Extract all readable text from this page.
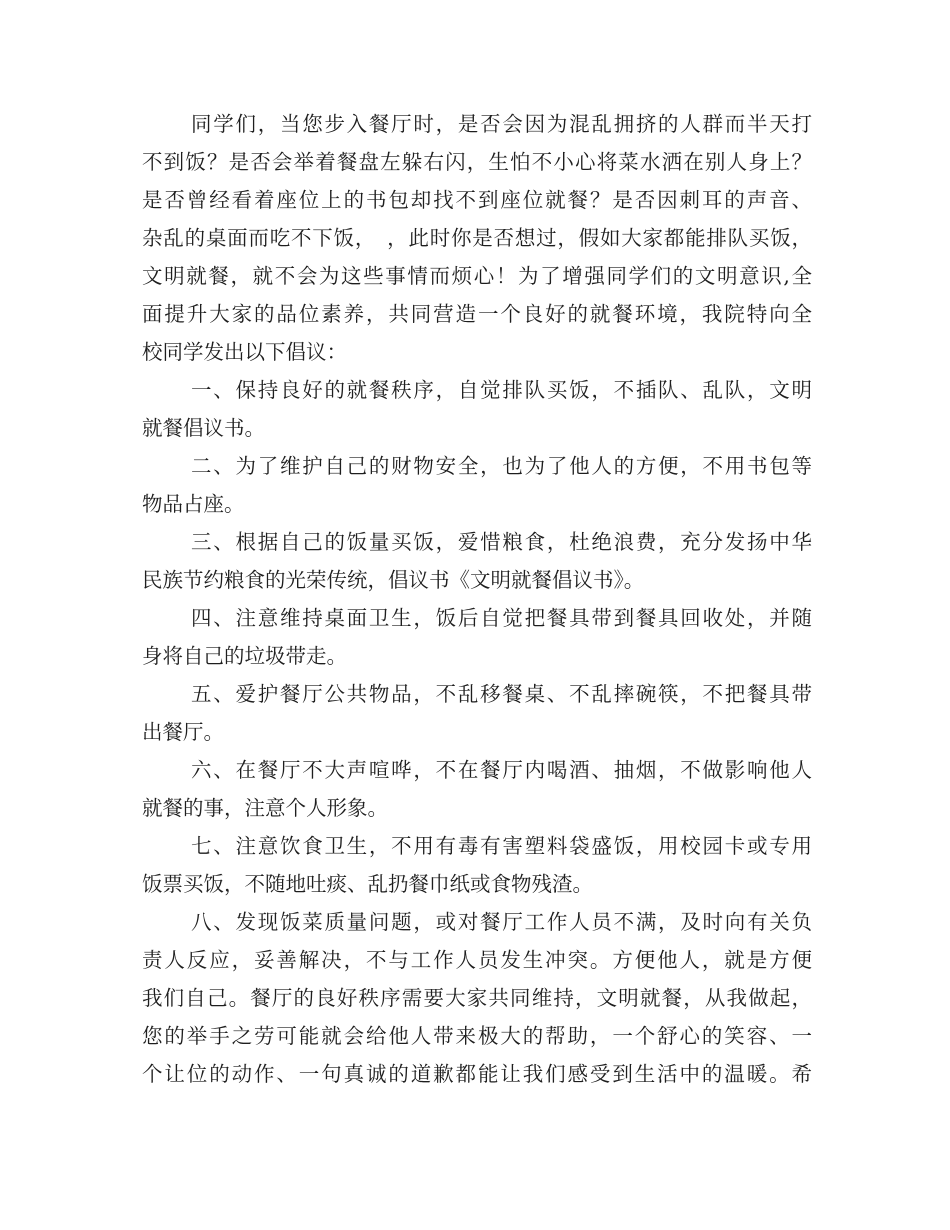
同学们，当您步入餐厅时，是否会因为混乱拥挤的人群而半天打
不到饭？是否会举着餐盘左躲右闪，生怕不小心将菜水洒在别人身上？
是否曾经看着座位上的书包却找不到座位就餐？是否因刺耳的声音、
杂乱的桌面而吃不下饭，　，此时你是否想过，假如大家都能排队买饭，
文明就餐，就不会为这些事情而烦心！为了增强同学们的文明意识,全
面提升大家的品位素养，共同营造一个良好的就餐环境，我院特向全
校同学发出以下倡议：
一、保持良好的就餐秩序，自觉排队买饭，不插队、乱队，文明
就餐倡议书。
二、为了维护自己的财物安全，也为了他人的方便，不用书包等
物品占座。
三、根据自己的饭量买饭，爱惜粮食，杜绝浪费，充分发扬中华
民族节约粮食的光荣传统，倡议书《文明就餐倡议书》。
四、注意维持桌面卫生，饭后自觉把餐具带到餐具回收处，并随
身将自己的垃圾带走。
五、爱护餐厅公共物品，不乱移餐桌、不乱摔碗筷，不把餐具带
出餐厅。
六、在餐厅不大声喧哗，不在餐厅内喝酒、抽烟，不做影响他人
就餐的事，注意个人形象。
七、注意饮食卫生，不用有毒有害塑料袋盛饭，用校园卡或专用
饭票买饭，不随地吐痰、乱扔餐巾纸或食物残渣。
八、发现饭菜质量问题，或对餐厅工作人员不满，及时向有关负
责人反应，妥善解决，不与工作人员发生冲突。方便他人，就是方便
我们自己。餐厅的良好秩序需要大家共同维持，文明就餐，从我做起，
您的举手之劳可能就会给他人带来极大的帮助，一个舒心的笑容、一
个让位的动作、一句真诚的道歉都能让我们感受到生活中的温暖。希
